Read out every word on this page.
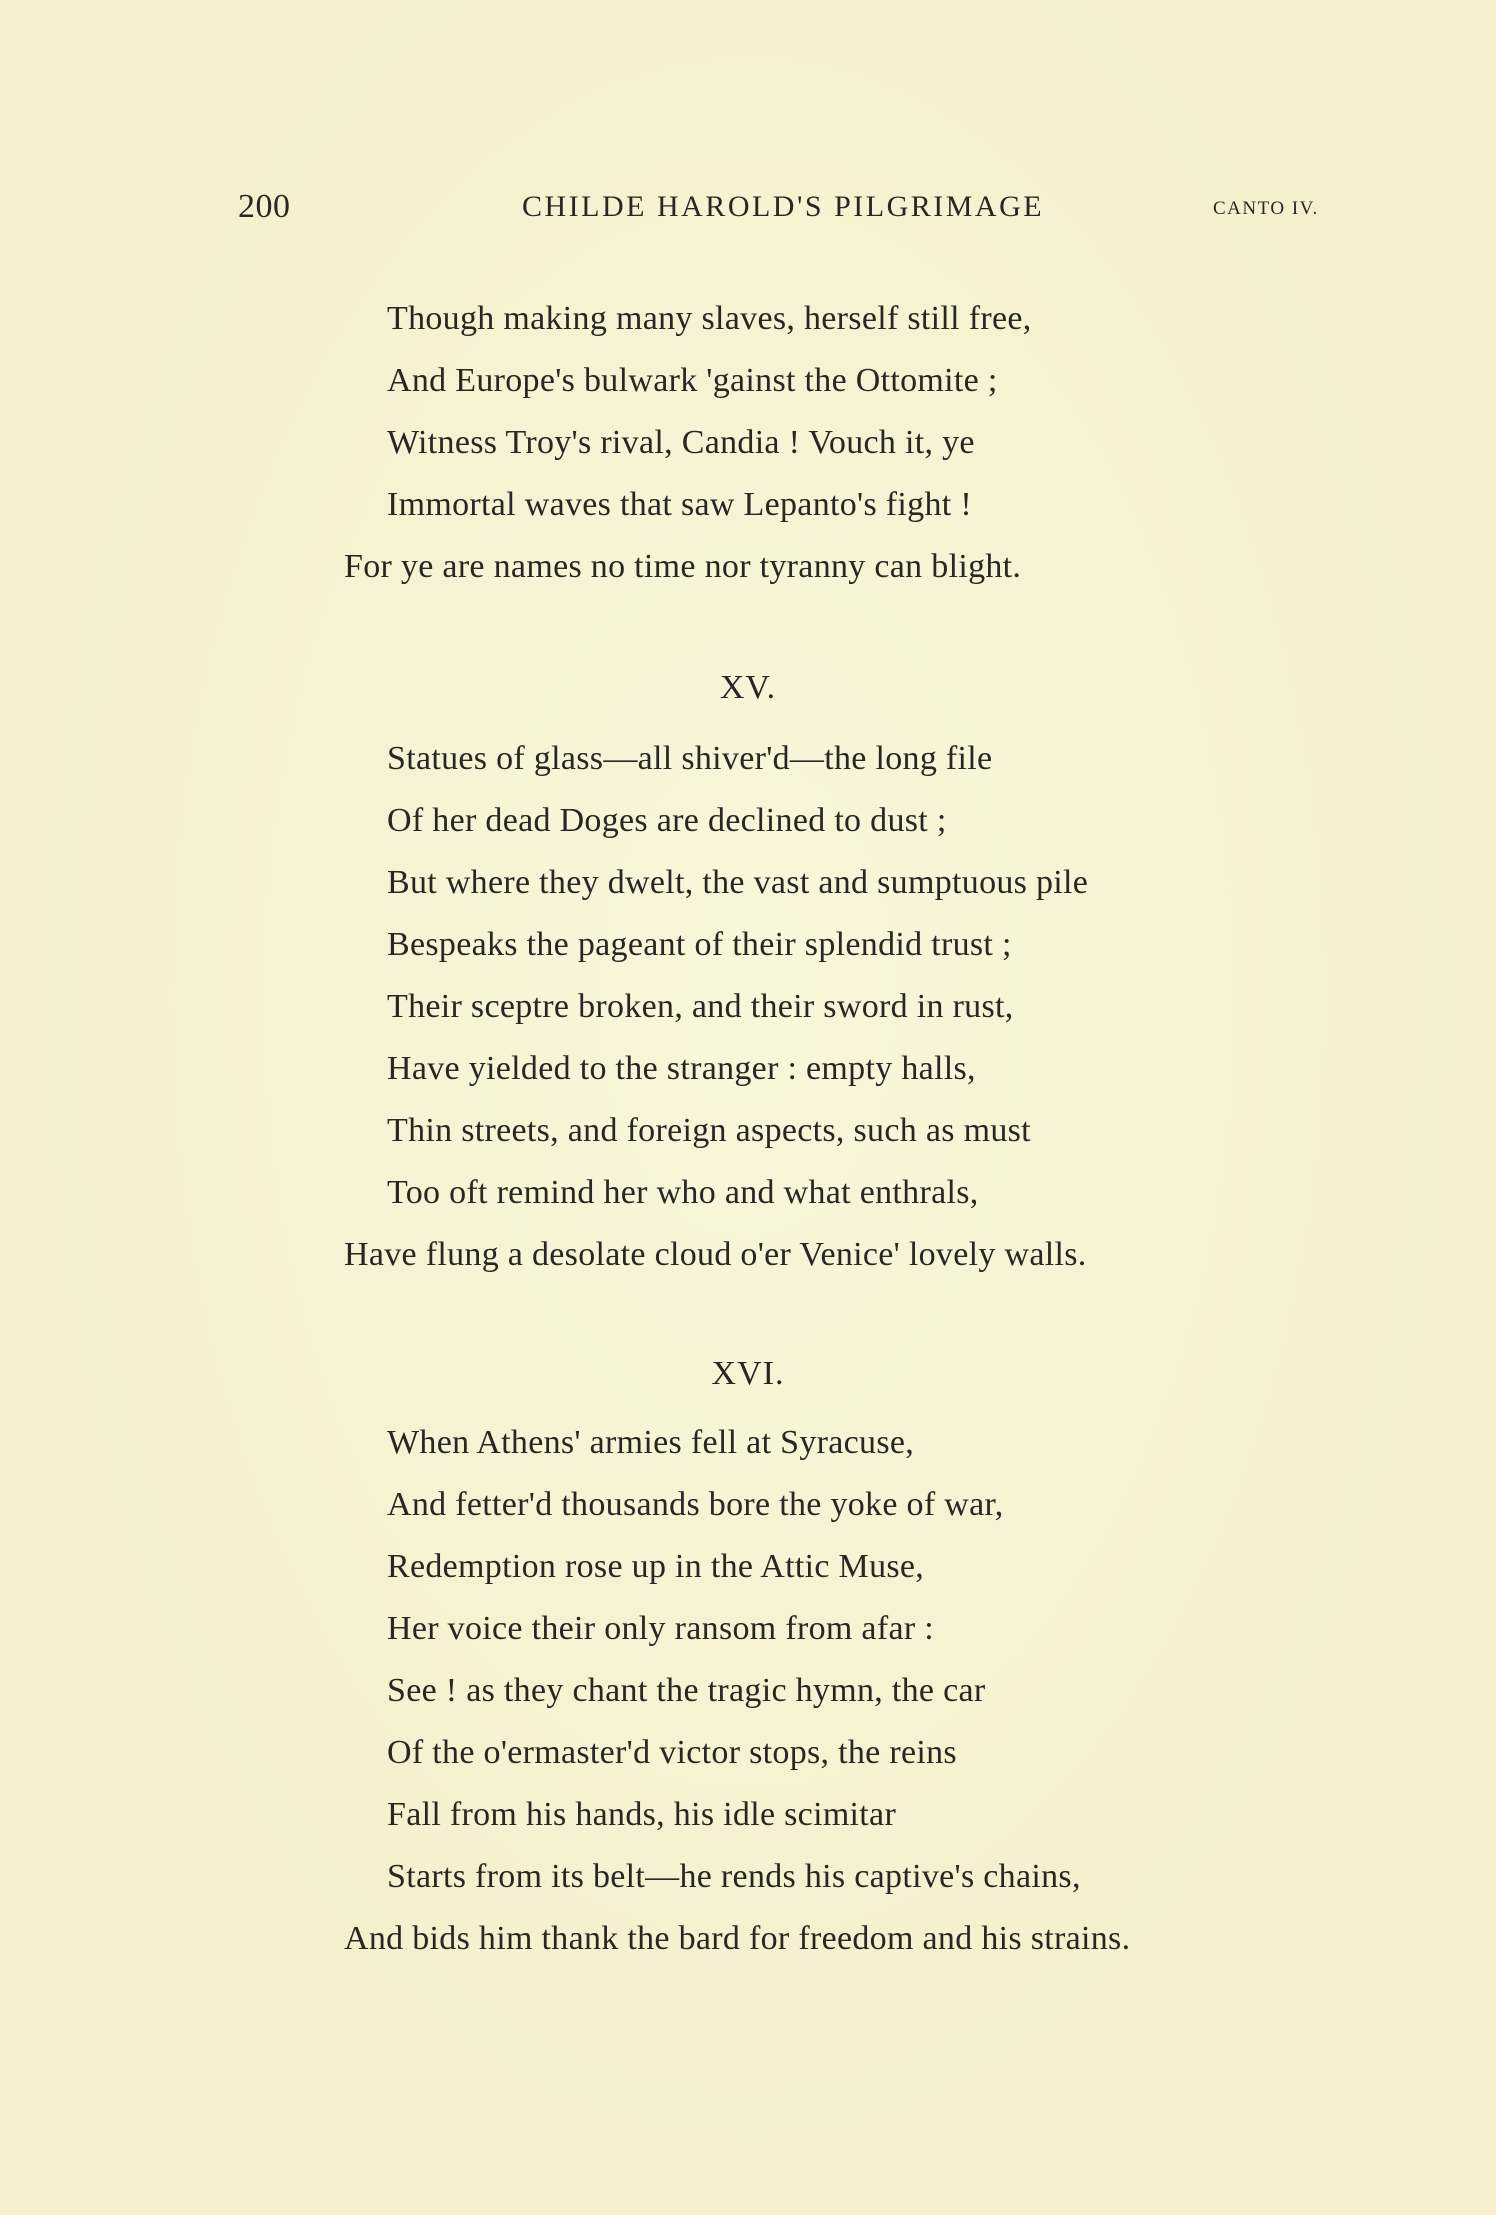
200	CHILDE HAROLD'S PILGRIMAGE	CANTO IV.
Though making many slaves, herself still free,
And Europe's bulwark 'gainst the Ottomite ;
Witness Troy's rival, Candia ! Vouch it, ye
Immortal waves that saw Lepanto's fight !
For ye are names no time nor tyranny can blight.
XV.
Statues of glass—all shiver'd—the long file
Of her dead Doges are declined to dust ;
But where they dwelt, the vast and sumptuous pile
Bespeaks the pageant of their splendid trust ;
Their sceptre broken, and their sword in rust,
Have yielded to the stranger : empty halls,
Thin streets, and foreign aspects, such as must
Too oft remind her who and what enthrals,
Have flung a desolate cloud o'er Venice' lovely walls.
XVI.
When Athens' armies fell at Syracuse,
And fetter'd thousands bore the yoke of war,
Redemption rose up in the Attic Muse,
Her voice their only ransom from afar :
See ! as they chant the tragic hymn, the car
Of the o'ermaster'd victor stops, the reins
Fall from his hands, his idle scimitar
Starts from its belt—he rends his captive's chains,
And bids him thank the bard for freedom and his strains.
